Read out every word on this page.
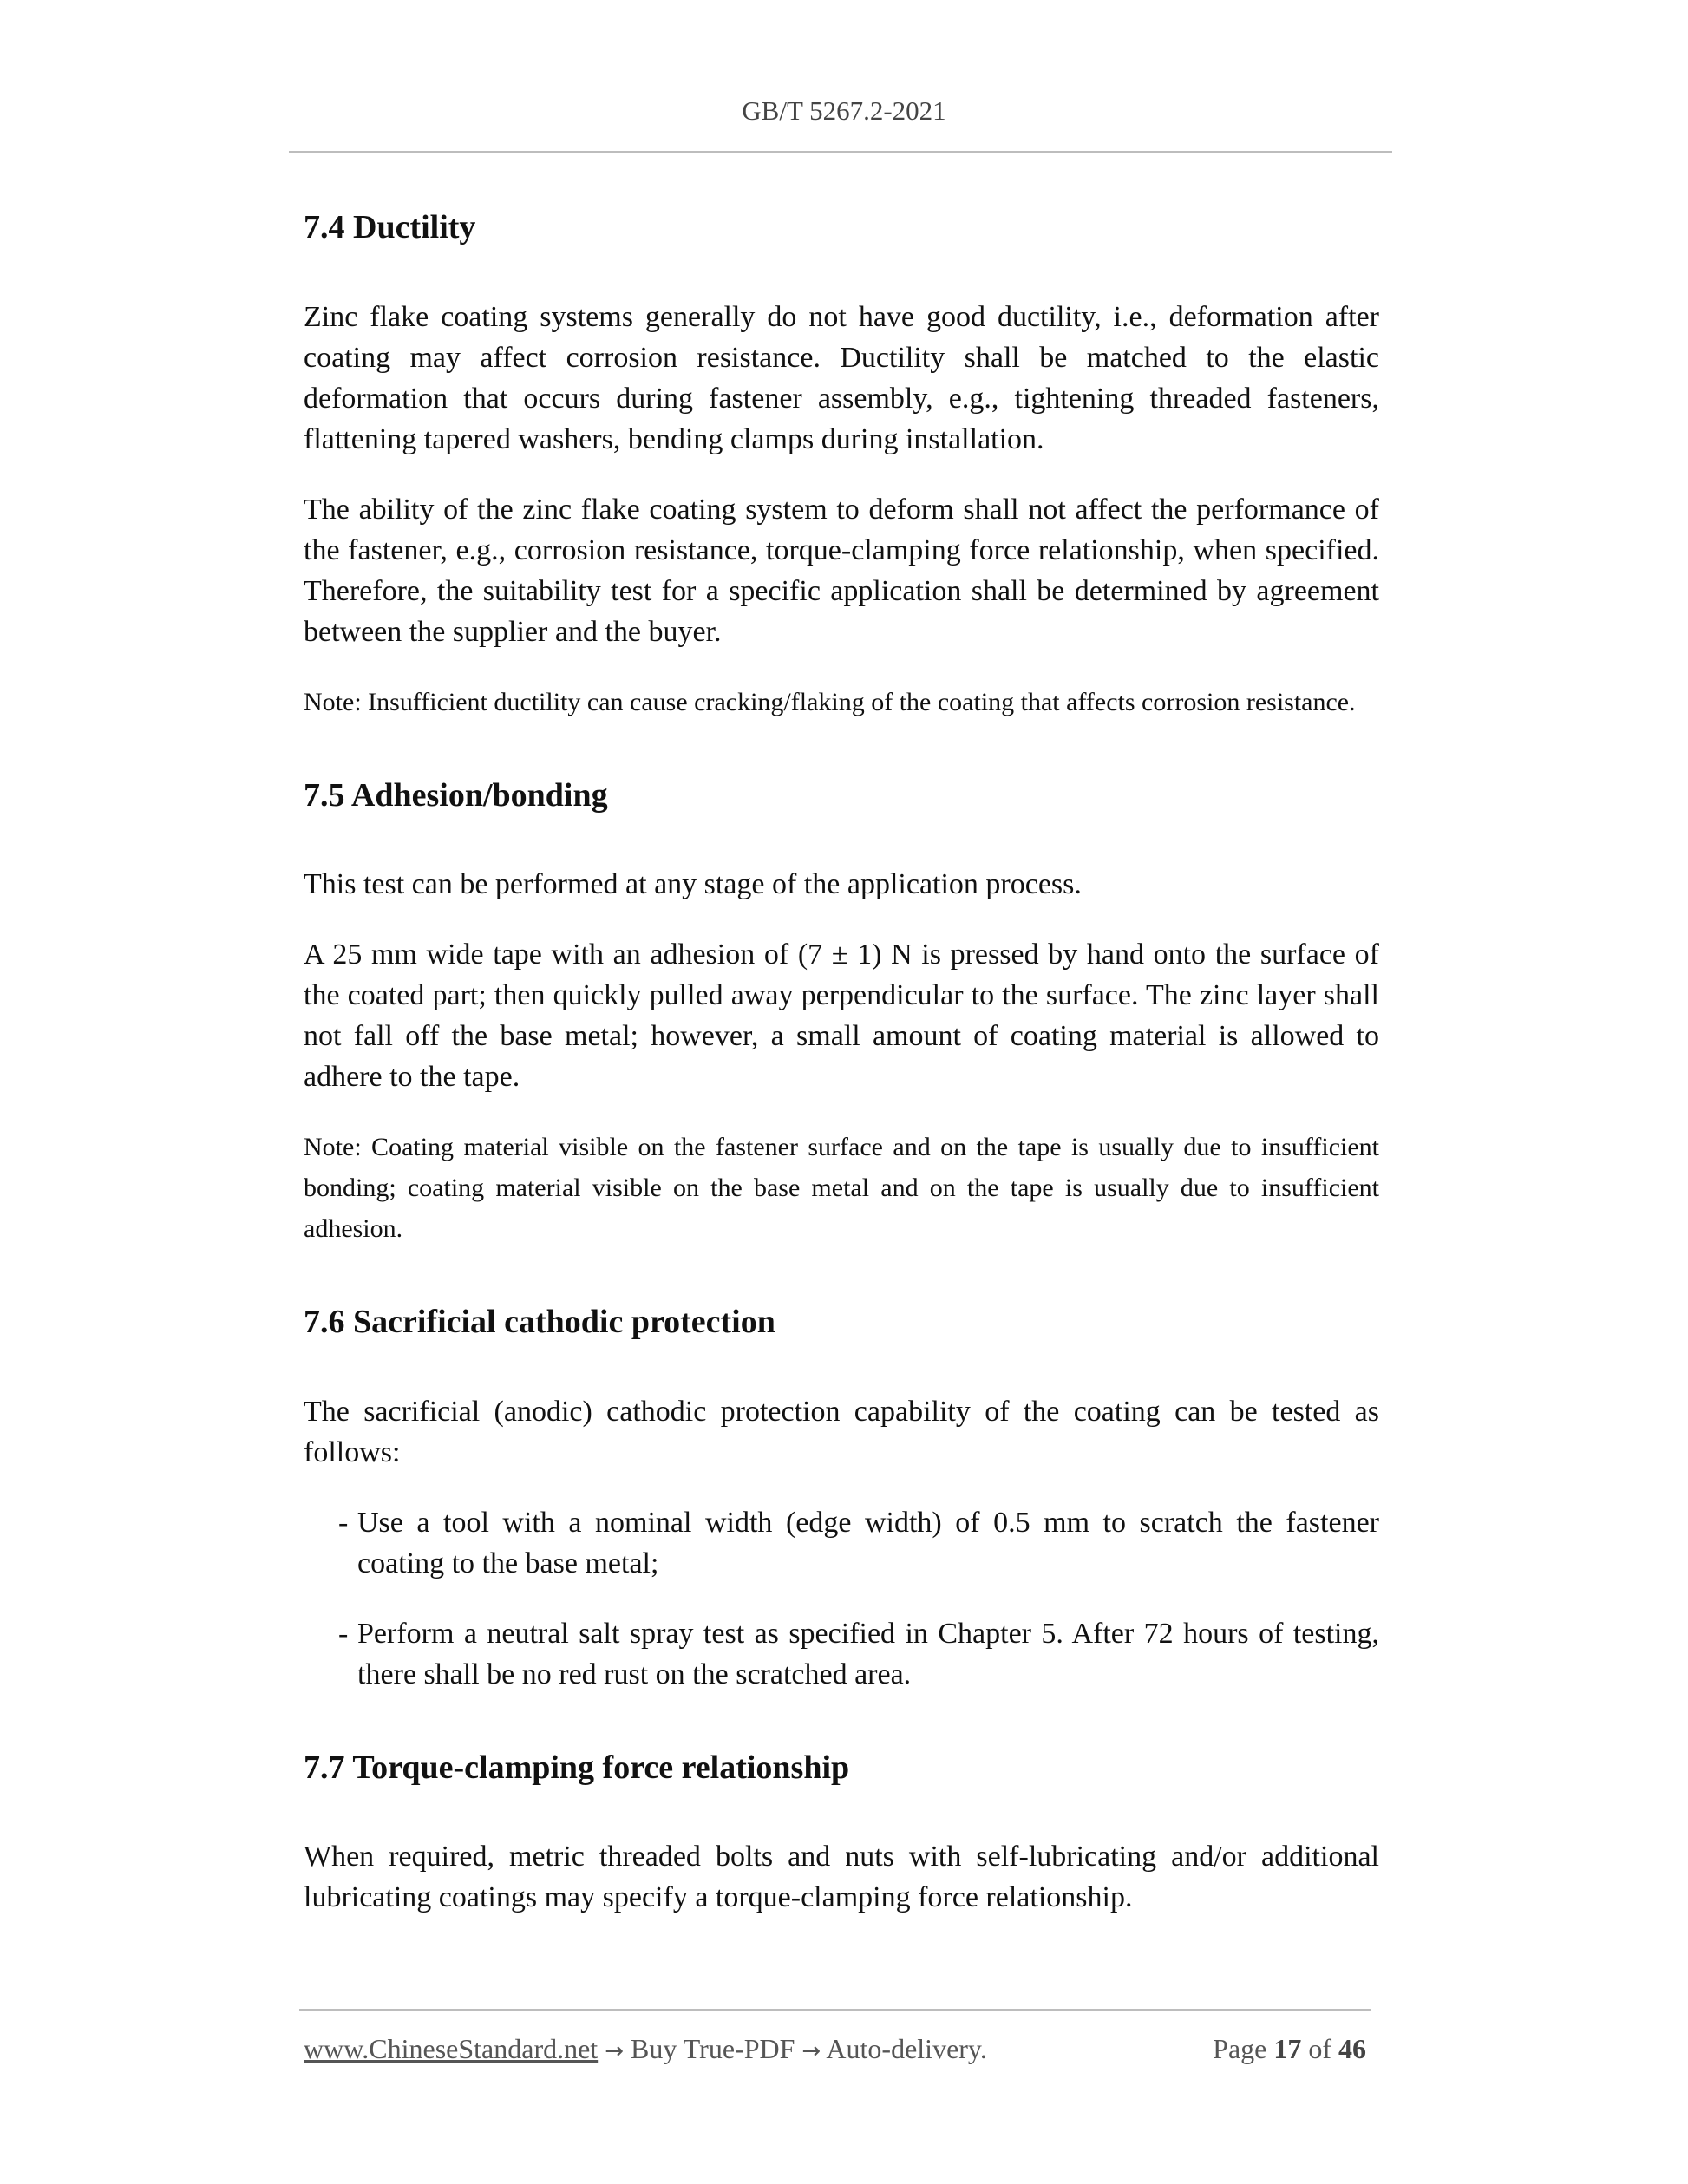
GB/T 5267.2-2021
7.4 Ductility

Zinc flake coating systems generally do not have good ductility, i.e., deformation after coating may affect corrosion resistance. Ductility shall be matched to the elastic deformation that occurs during fastener assembly, e.g., tightening threaded fasteners, flattening tapered washers, bending clamps during installation.

The ability of the zinc flake coating system to deform shall not affect the performance of the fastener, e.g., corrosion resistance, torque-clamping force relationship, when specified. Therefore, the suitability test for a specific application shall be determined by agreement between the supplier and the buyer.

Note: Insufficient ductility can cause cracking/flaking of the coating that affects corrosion resistance.

7.5 Adhesion/bonding

This test can be performed at any stage of the application process.

A 25 mm wide tape with an adhesion of (7 ± 1) N is pressed by hand onto the surface of the coated part; then quickly pulled away perpendicular to the surface. The zinc layer shall not fall off the base metal; however, a small amount of coating material is allowed to adhere to the tape.

Note: Coating material visible on the fastener surface and on the tape is usually due to insufficient bonding; coating material visible on the base metal and on the tape is usually due to insufficient adhesion.

7.6 Sacrificial cathodic protection

The sacrificial (anodic) cathodic protection capability of the coating can be tested as follows:

- Use a tool with a nominal width (edge width) of 0.5 mm to scratch the fastener coating to the base metal;
- Perform a neutral salt spray test as specified in Chapter 5. After 72 hours of testing, there shall be no red rust on the scratched area.
7.7 Torque-clamping force relationship

When required, metric threaded bolts and nuts with self-lubricating and/or additional lubricating coatings may specify a torque-clamping force relationship.

www.ChineseStandard.net → Buy True-PDF → Auto-delivery.	Page 17 of 46
